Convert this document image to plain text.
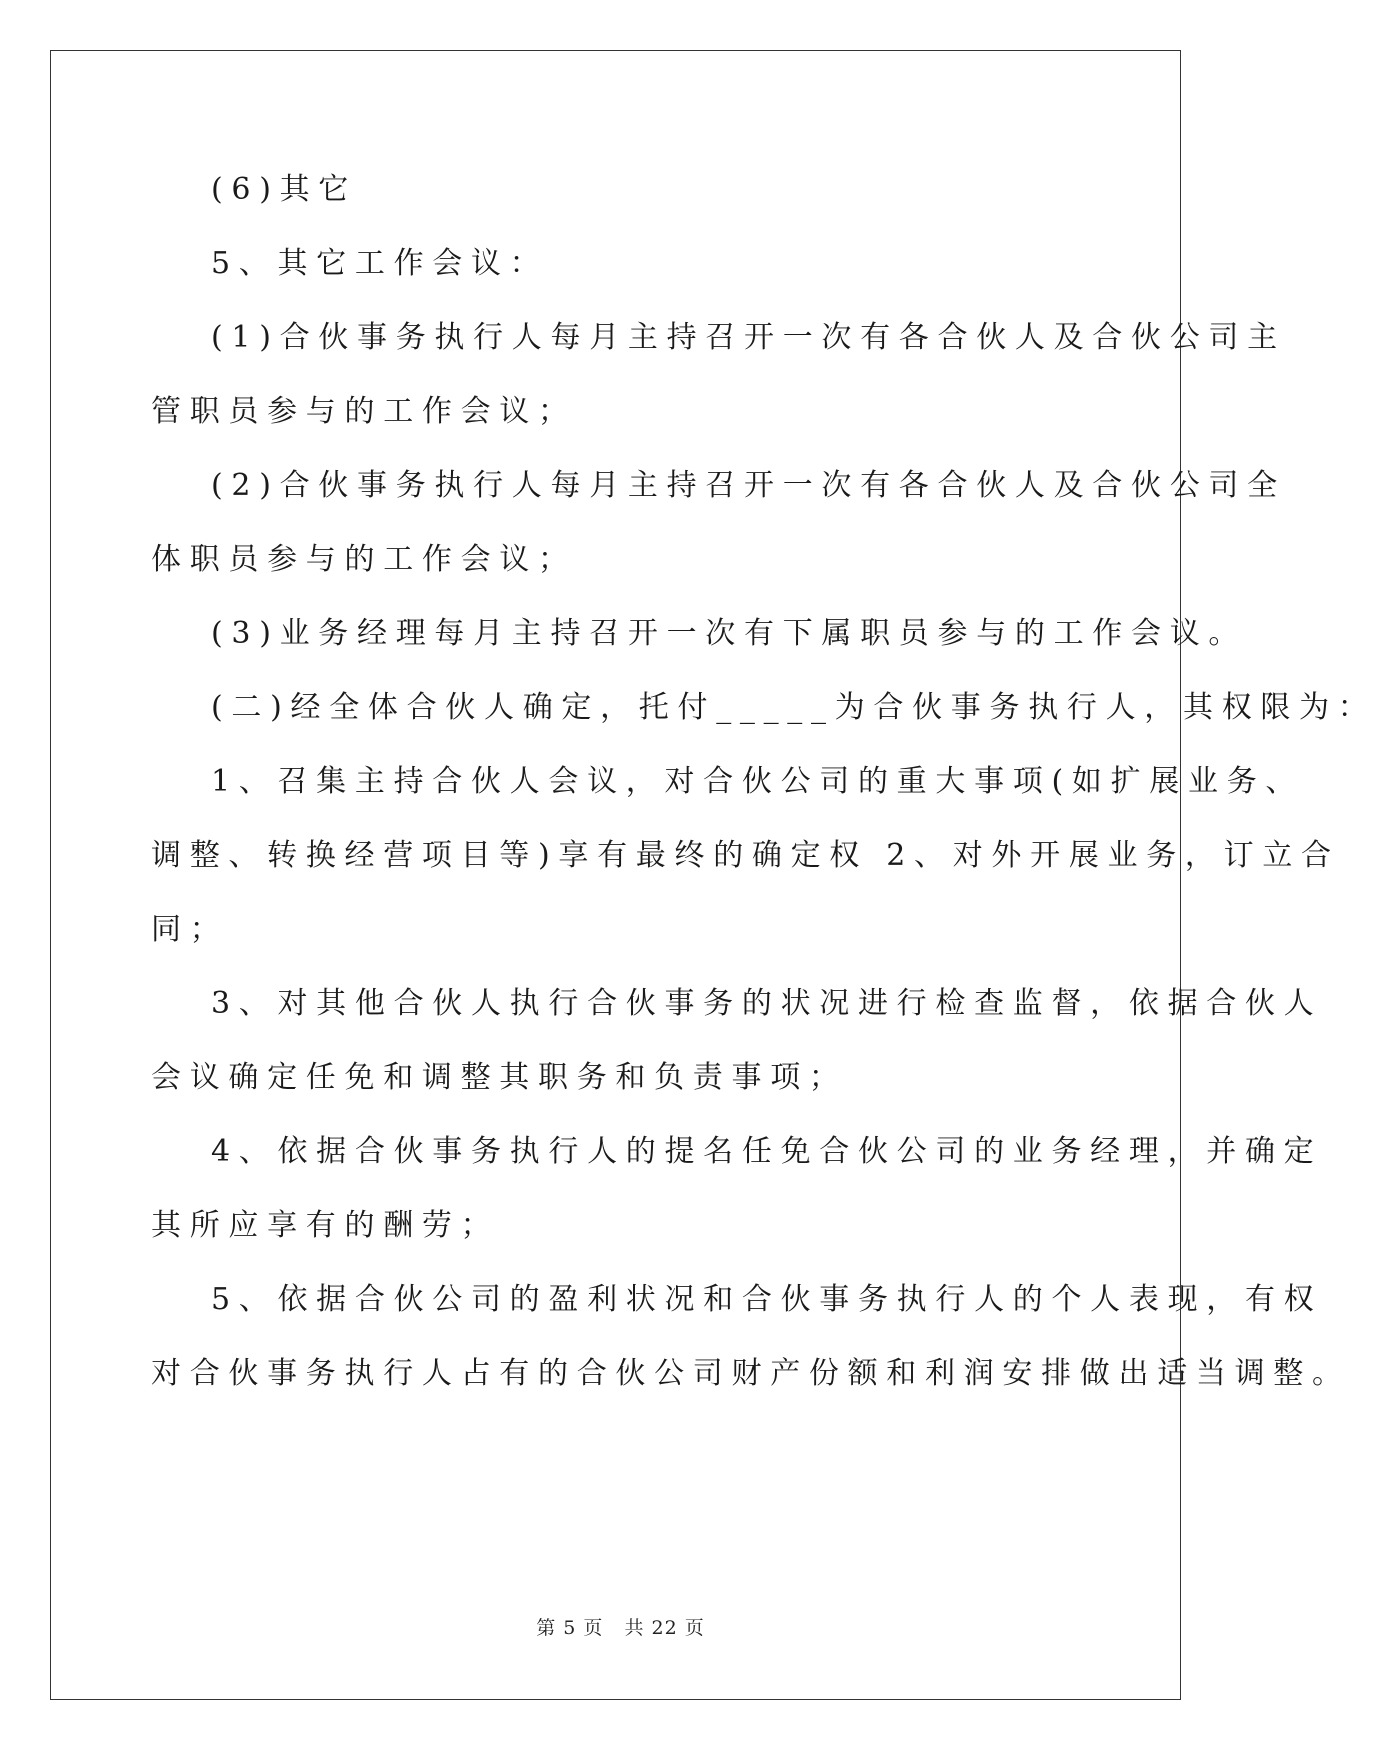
(6)其它
5、其它工作会议：
(1)合伙事务执行人每月主持召开一次有各合伙人及合伙公司主
管职员参与的工作会议；
(2)合伙事务执行人每月主持召开一次有各合伙人及合伙公司全
体职员参与的工作会议；
(3)业务经理每月主持召开一次有下属职员参与的工作会议。
(二)经全体合伙人确定，托付_____为合伙事务执行人，其权限为：
1、召集主持合伙人会议，对合伙公司的重大事项(如扩展业务、
调整、转换经营项目等)享有最终的确定权 2、对外开展业务，订立合
同；
3、对其他合伙人执行合伙事务的状况进行检查监督，依据合伙人
会议确定任免和调整其职务和负责事项；
4、依据合伙事务执行人的提名任免合伙公司的业务经理，并确定
其所应享有的酬劳；
5、依据合伙公司的盈利状况和合伙事务执行人的个人表现，有权
对合伙事务执行人占有的合伙公司财产份额和利润安排做出适当调整。
第 5 页   共 22 页
